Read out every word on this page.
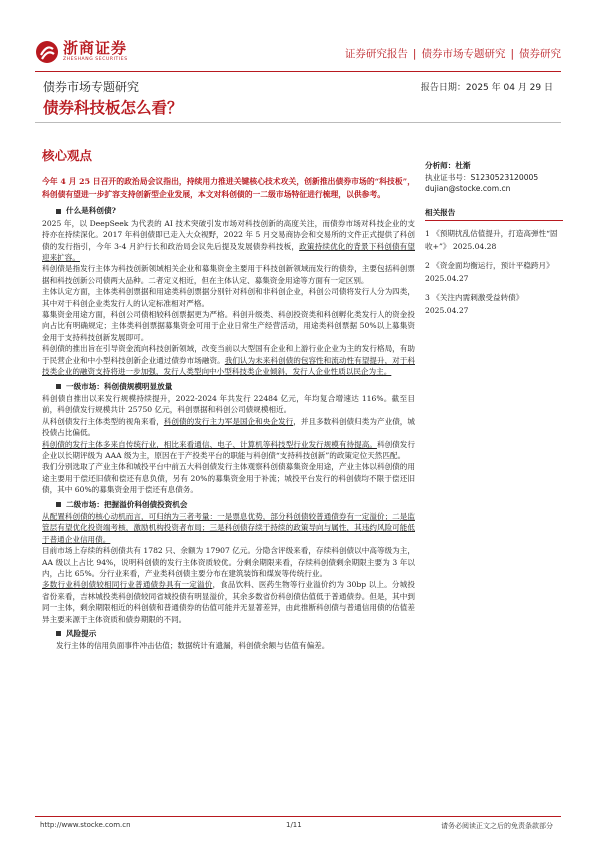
浙商证券
ZHESHANG SECURITIES	证券研究报告 | 债券市场专题研究 | 债券研究
债券市场专题研究	报告日期：2025 年 04 月 29 日
债券科技板怎么看？
核心观点

今年 4 月 25 日召开的政治局会议指出，持续用力推进关键核心技术攻关，创新推出债券市场的“科技板”，科创债有望进一步扩容支持创新型企业发展，本文对科创债的一二级市场特征进行梳理，以供参考。

什么是科创债?

2025 年，以 DeepSeek 为代表的 AI 技术突破引发市场对科技创新的高度关注，而债券市场对科技企业的支持亦在持续深化。2017 年科创债即已走入大众视野，2022 年 5 月交易商协会和交易所的文件正式提供了科创债的发行指引，今年 3-4 月沪行长和政治局会议先后提及发展债券科技板，政策持续优化的背景下科创债有望迎来扩容。

科创债是指发行主体为科技创新领域相关企业和募集资金主要用于科技创新领域而发行的债券，主要包括科创票据和科技创新公司债两大品种。二者定义相近，但在主体认定、募集资金用途等方面有一定区别。

主体认定方面，主体类科创票据和用途类科创票据分别针对科创和非科创企业，科创公司债将发行人分为四类，其中对于科创企业类发行人的认定标准相对严格。

募集资金用途方面，科创公司债相较科创票据更为严格。科创升级类、科创投资类和科创孵化类发行人的资金投向占比有明确规定；主体类科创票据募集资金可用于企业日常生产经营活动，用途类科创票据 50%以上募集资金用于支持科技创新发展即可。

科创债的推出旨在引导资金流向科技创新领域，改变当前以大型国有企业和上游行业企业为主的发行格局，有助于民营企业和中小型科技创新企业通过债券市场融资。我们认为未来科创债的包容性和流动性有望提升，对于科技类企业的融资支持将进一步加强，发行人类型向中小型科技类企业倾斜，发行人企业性质以民企为主。

一级市场：科创债规模明显放量

科创债自推出以来发行规模持续提升，2022-2024 年共发行 22484 亿元，年均复合增速达 116%。截至目前，科创债发行规模共计 25750 亿元，科创票据和科创公司债规模相近。

从科创债发行主体类型的视角来看，科创债的发行主力军是国企和央企发行，并且多数科创债归类为产业债，城投债占比偏低。

科创债的发行主体多来自传统行业，相比来看通信、电子、计算机等科技型行业发行规模有待提高。科创债发行企业以长期评级为 AAA 级为主，原因在于产投类平台的职能与科创债“支持科技创新”的政策定位天然匹配。

我们分别选取了产业主体和城投平台中前五大科创债发行主体观察科创债募集资金用途，产业主体以科创债的用途主要用于偿还旧债和偿还有息负债，另有 20%的募集资金用于补流；城投平台发行的科创债均不限于偿还旧债，其中 60%的募集资金用于偿还有息债务。

二级市场：把握溢价科创债投资机会

从配置科创债的核心动机而言，可归纳为三者考量：一是票息优势，部分科创债较普通债券有一定溢价；二是监管层有望优化投资端考核，激励机构投资者布局；三是科创债存续于持续的政策导向与属性，其违约风险可能低于普通企业信用债。

目前市场上存续的科创债共有 1782 只、余额为 17907 亿元。分隐含评级来看，存续科创债以中高等级为主，AA 级以上占比 94%，说明科创债的发行主体资质较优。分剩余期限来看，存续科创债剩余期限主要为 3 年以内，占比 65%。分行业来看，产业类科创债主要分布在建筑装饰和煤炭等传统行业。

多数行业科创债较相同行业普通债券具有一定溢价，食品饮料、医药生物等行业溢价约为 30bp 以上。分城投省份来看，吉林城投类科创债较同省城投债有明显溢价，其余多数省份科创债估值低于普通债券。但是，其中到同一主体，剩余期限相近的科创债和普通债券的估值可能并无显著差异，由此推断科创债与普通信用债的估值差异主要来源于主体资质和债券期限的不同。

风险提示

发行主体的信用负面事件冲击估值；数据统计有遗漏，科创债余额与估值有偏差。

分析师：杜渐
执业证书号：S1230523120005
dujian@stocke.com.cn
相关报告
1 《预期扰乱估值提升，打造高弹性“固收+”》 2025.04.28
2 《资金面均衡运行，预计平稳跨月》 2025.04.27
3 《关注内需刺激受益转债》 2025.04.27
http://www.stocke.com.cn	1/11	请务必阅读正文之后的免责条款部分
